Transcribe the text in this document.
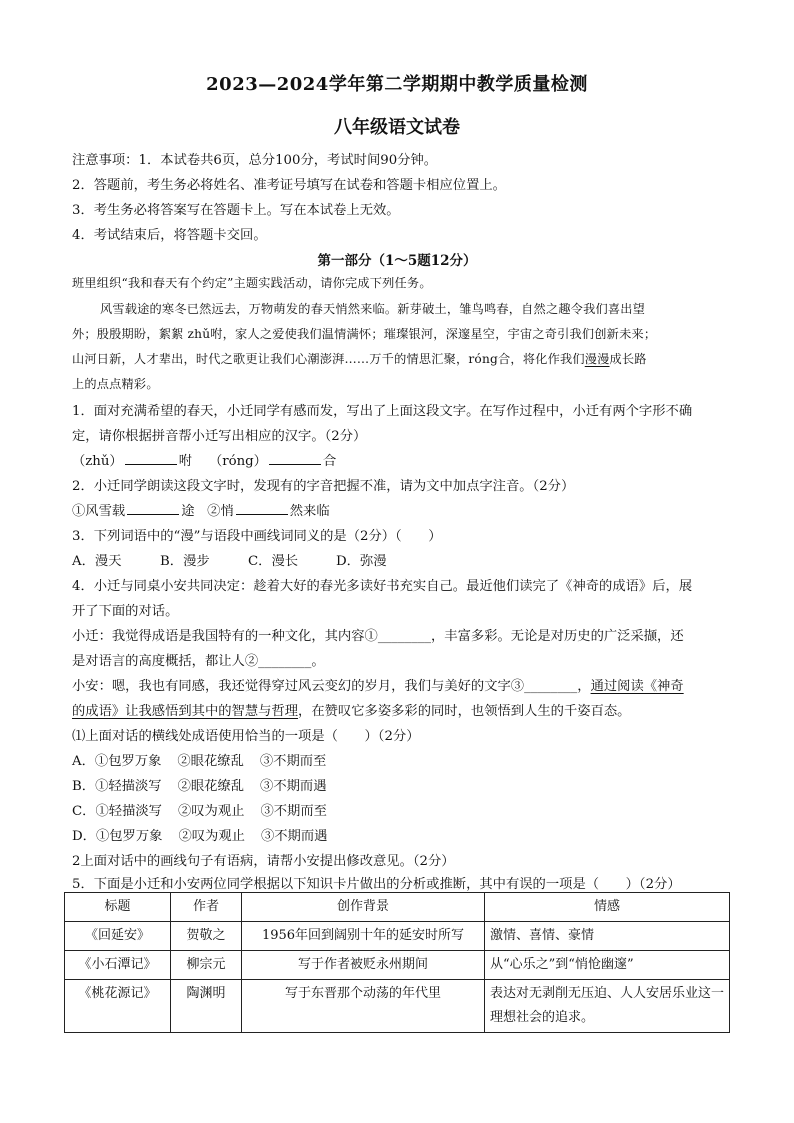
2023—2024学年第二学期期中教学质量检测
八年级语文试卷
注意事项：1．本试卷共6页，总分100分，考试时间90分钟。
2．答题前，考生务必将姓名、准考证号填写在试卷和答题卡相应位置上。
3．考生务必将答案写在答题卡上。写在本试卷上无效。
4．考试结束后，将答题卡交回。
第一部分（1～5题12分）
班里组织“我和春天有个约定”主题实践活动，请你完成下列任务。
风雪载途的寒冬已然远去，万物萌发的春天悄然来临。新芽破土，雏鸟鸣春，自然之趣令我们喜出望
外；殷殷期盼，絮絮 zhǔ咐，家人之爱使我们温情满怀；璀璨银河，深邃星空，宇宙之奇引我们创新未来；
山河日新，人才辈出，时代之歌更让我们心潮澎湃……万千的情思汇聚，róng合，将化作我们漫漫成长路
上的点点精彩。
1．面对充满希望的春天，小迁同学有感而发，写出了上面这段文字。在写作过程中，小迁有两个字形不确
定，请你根据拼音帮小迁写出相应的汉字。（2分）
（zhǔ）	咐 （róng）	合
2．小迁同学朗读这段文字时，发现有的字音把握不准，请为文中加点字注音。（2分）
①风雪载	途 ②悄	然来临
3．下列词语中的“漫”与语段中画线词同义的是（2分）（　　）
A．漫天	B．漫步	C．漫长	D．弥漫
4．小迁与同桌小安共同决定：趁着大好的春光多读好书充实自己。最近他们读完了《神奇的成语》后，展
开了下面的对话。
小迁：我觉得成语是我国特有的一种文化，其内容①________，丰富多彩。无论是对历史的广泛采撷，还
是对语言的高度概括，都让人②________。
小安：嗯，我也有同感，我还觉得穿过风云变幻的岁月，我们与美好的文字③________，通过阅读《神奇
的成语》让我感悟到其中的智慧与哲理，在赞叹它多姿多彩的同时，也领悟到人生的千姿百态。
⑴上面对话的横线处成语使用恰当的一项是（　　）（2分）
A．①包罗万象 ②眼花缭乱 ③不期而至
B．①轻描淡写 ②眼花缭乱 ③不期而遇
C．①轻描淡写 ②叹为观止 ③不期而至
D．①包罗万象 ②叹为观止 ③不期而遇
2上面对话中的画线句子有语病，请帮小安提出修改意见。（2分）
5．下面是小迁和小安两位同学根据以下知识卡片做出的分析或推断，其中有误的一项是（　　）（2分）
标题	作者	创作背景	情感
《回延安》	贺敬之	1956年回到阔别十年的延安时所写	激情、喜情、豪情
《小石潭记》	柳宗元	写于作者被贬永州期间	从“心乐之”到“悄怆幽邃”
《桃花源记》	陶渊明	写于东晋那个动荡的年代里	表达对无剥削无压迫、人人安居乐业这一理想社会的追求。
